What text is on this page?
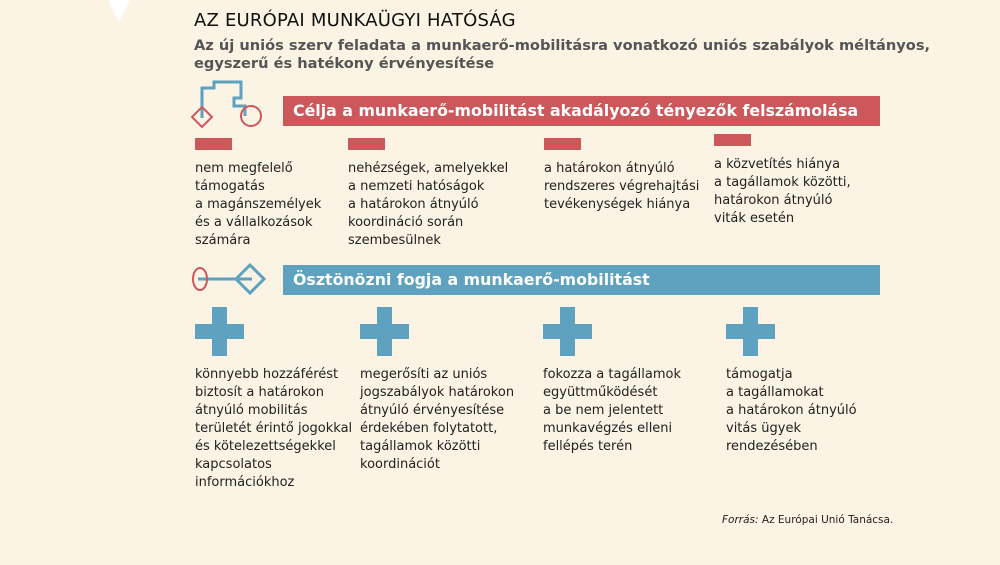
AZ EURÓPAI MUNKAÜGYI HATÓSÁG
Az új uniós szerv feladata a munkaerő-mobilitásra vonatkozó uniós szabályok méltányos,
egyszerű és hatékony érvényesítése
Célja a munkaerő-mobilitást akadályozó tényezők felszámolása
nem megfelelő
támogatás
a magánszemélyek
és a vállalkozások
számára
nehézségek, amelyekkel
a nemzeti hatóságok
a határokon átnyúló
koordináció során
szembesülnek
a határokon átnyúló
rendszeres végrehajtási
tevékenységek hiánya
a közvetítés hiánya
a tagállamok közötti,
határokon átnyúló
viták esetén
Ösztönözni fogja a munkaerő-mobilitást
könnyebb hozzáférést
biztosít a határokon
átnyúló mobilitás
területét érintő jogokkal
és kötelezettségekkel
kapcsolatos
információkhoz
megerősíti az uniós
jogszabályok határokon
átnyúló érvényesítése
érdekében folytatott,
tagállamok közötti
koordinációt
fokozza a tagállamok
együttműködését
a be nem jelentett
munkavégzés elleni
fellépés terén
támogatja
a tagállamokat
a határokon átnyúló
vitás ügyek
rendezésében
Forrás: Az Európai Unió Tanácsa.
